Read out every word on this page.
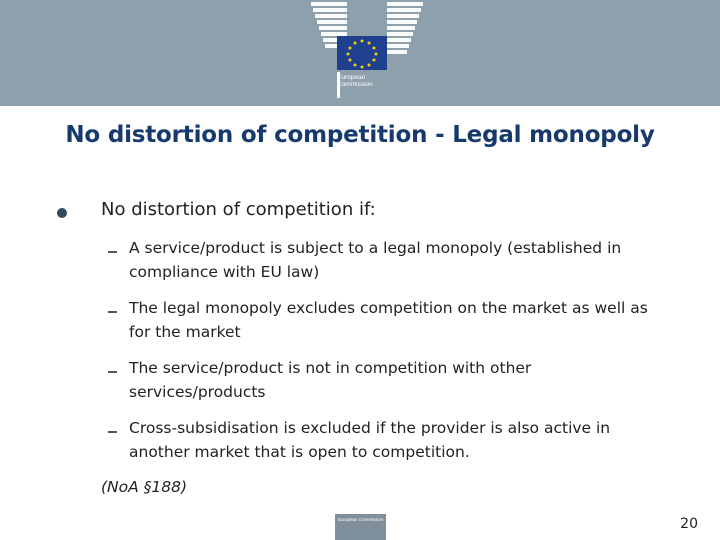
European
Commission
No distortion of competition - Legal monopoly
No distortion of competition if:
A service/product is subject to a legal monopoly (established in
compliance with EU law)
The legal monopoly excludes competition on the market as well as
for the market
The service/product is not in competition with other
services/products
Cross-subsidisation is excluded if the provider is also active in
another market that is open to competition.
(NoA §188)
European Commission	20
